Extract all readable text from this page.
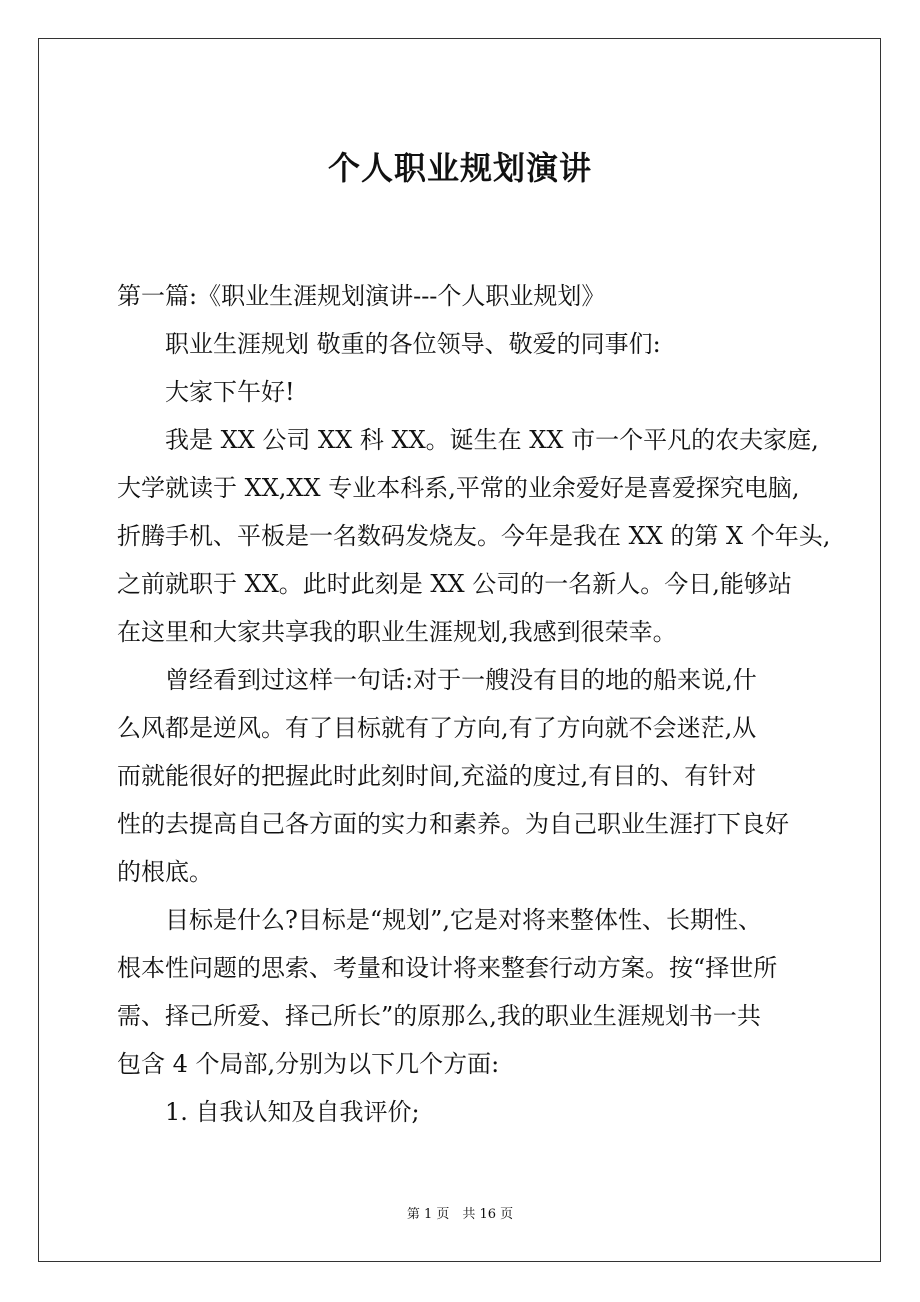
个人职业规划演讲
第一篇:《职业生涯规划演讲---个人职业规划》
职业生涯规划 敬重的各位领导、敬爱的同事们:
大家下午好!
我是 XX 公司 XX 科 XX。诞生在 XX 市一个平凡的农夫家庭,
大学就读于 XX,XX 专业本科系,平常的业余爱好是喜爱探究电脑,
折腾手机、平板是一名数码发烧友。今年是我在 XX 的第 X 个年头,
之前就职于 XX。此时此刻是 XX 公司的一名新人。今日,能够站
在这里和大家共享我的职业生涯规划,我感到很荣幸。
曾经看到过这样一句话:对于一艘没有目的地的船来说,什
么风都是逆风。有了目标就有了方向,有了方向就不会迷茫,从
而就能很好的把握此时此刻时间,充溢的度过,有目的、有针对
性的去提高自己各方面的实力和素养。为自己职业生涯打下良好
的根底。
目标是什么?目标是“规划”,它是对将来整体性、长期性、
根本性问题的思索、考量和设计将来整套行动方案。按“择世所
需、择己所爱、择己所长”的原那么,我的职业生涯规划书一共
包含 4 个局部,分别为以下几个方面:
1. 自我认知及自我评价;
第 1 页　共 16 页
